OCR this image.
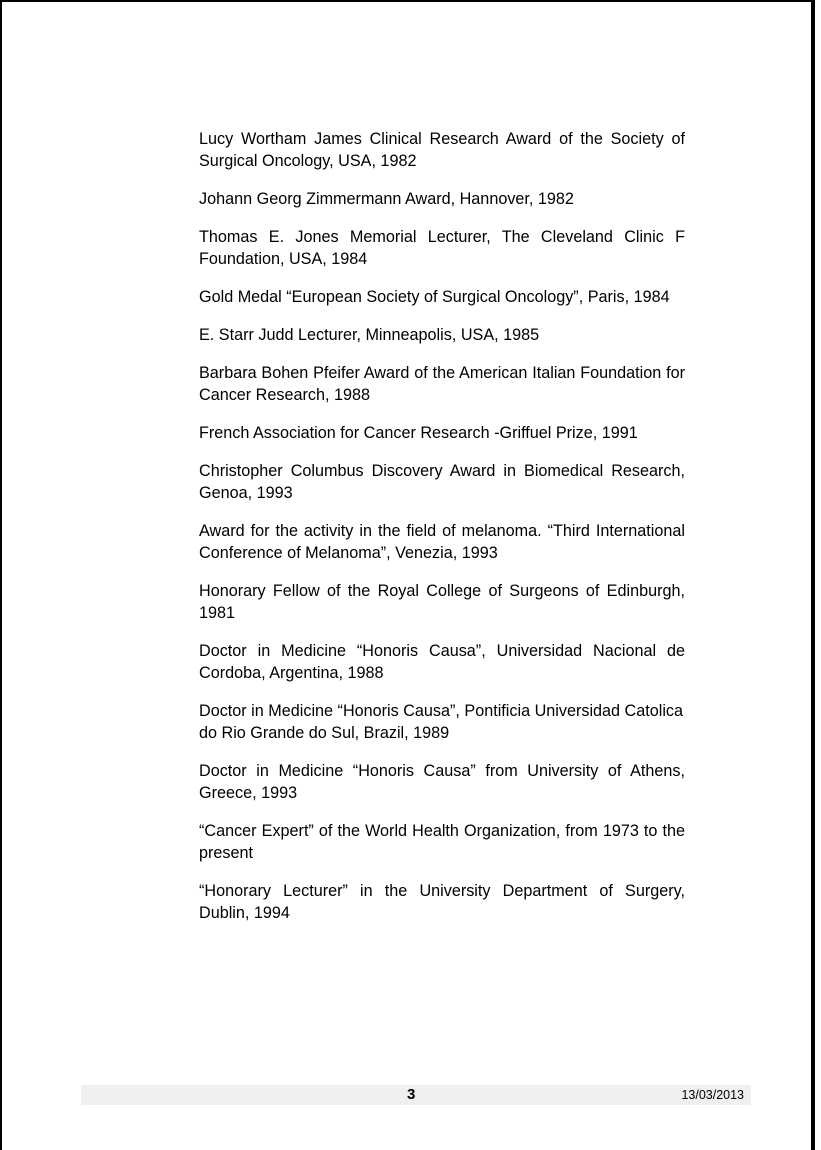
Lucy Wortham James Clinical Research Award of the Society of Surgical Oncology, USA, 1982

Johann Georg Zimmermann Award, Hannover, 1982

Thomas E. Jones Memorial Lecturer, The Cleveland Clinic F Foundation, USA, 1984

Gold Medal “European Society of Surgical Oncology”, Paris, 1984

E. Starr Judd Lecturer, Minneapolis, USA, 1985

Barbara Bohen Pfeifer Award of the American Italian Foundation for Cancer Research, 1988

French Association for Cancer Research -Griffuel Prize, 1991

Christopher Columbus Discovery Award in Biomedical Research, Genoa, 1993

Award for the activity in the field of melanoma. “Third International Conference of Melanoma”, Venezia, 1993

Honorary Fellow of the Royal College of Surgeons of Edinburgh, 1981

Doctor in Medicine “Honoris Causa”, Universidad Nacional de Cordoba, Argentina, 1988

Doctor in Medicine “Honoris Causa”, Pontificia Universidad Catolica do Rio Grande do Sul, Brazil, 1989

Doctor in Medicine “Honoris Causa” from University of Athens, Greece, 1993

“Cancer Expert” of the World Health Organization, from 1973 to the present

“Honorary Lecturer” in the University Department of Surgery, Dublin, 1994

3	13/03/2013
